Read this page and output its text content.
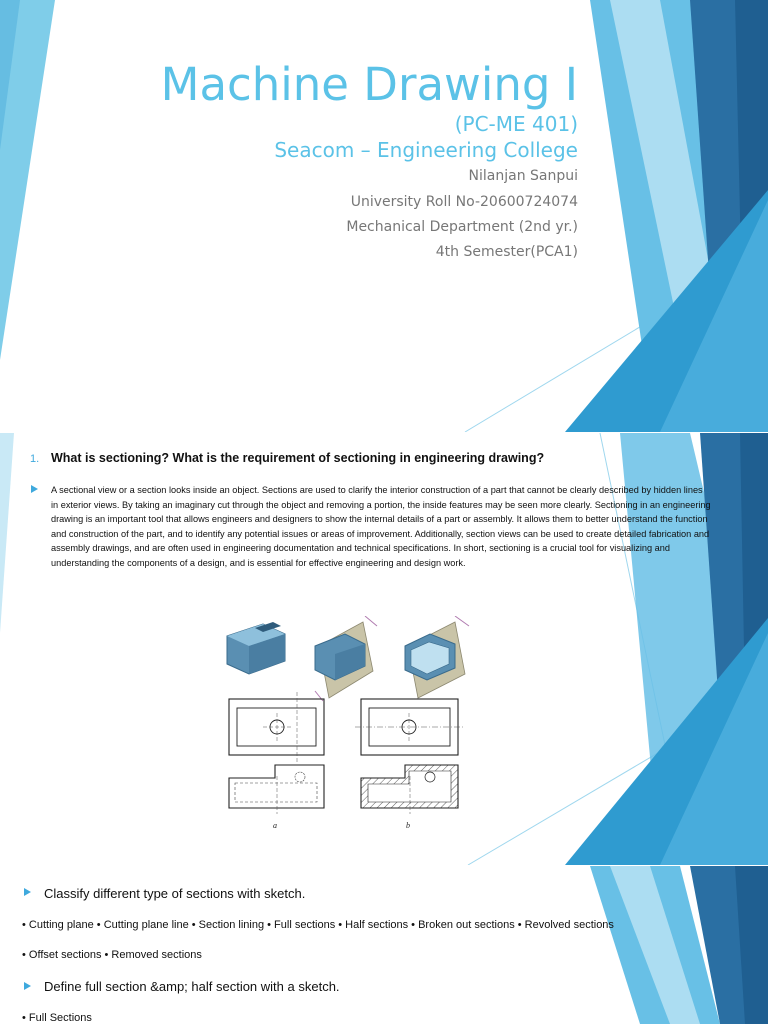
Machine Drawing I
(PC-ME 401)
Seacom – Engineering College
Nilanjan Sanpui
University Roll No-20600724074
Mechanical Department (2nd yr.)
4th Semester(PCA1)
1. What is sectioning? What is the requirement of sectioning in engineering drawing?
A sectional view or a section looks inside an object. Sections are used to clarify the interior construction of a part that cannot be clearly described by hidden lines in exterior views. By taking an imaginary cut through the object and removing a portion, the inside features may be seen more clearly. Sectioning in an engineering drawing is an important tool that allows engineers and designers to show the internal details of a part or assembly. It allows them to better understand the function and construction of the part, and to identify any potential issues or areas of improvement. Additionally, section views can be used to create detailed fabrication and assembly drawings, and are often used in engineering documentation and technical specifications. In short, sectioning is a crucial tool for visualizing and understanding the components of a design, and is essential for effective engineering and design work.
a	b
Classify different type of sections with sketch.
• Cutting plane • Cutting plane line • Section lining • Full sections • Half sections • Broken out sections • Revolved sections
• Offset sections • Removed sections
Define full section &amp; half section with a sketch.
• Full Sections
